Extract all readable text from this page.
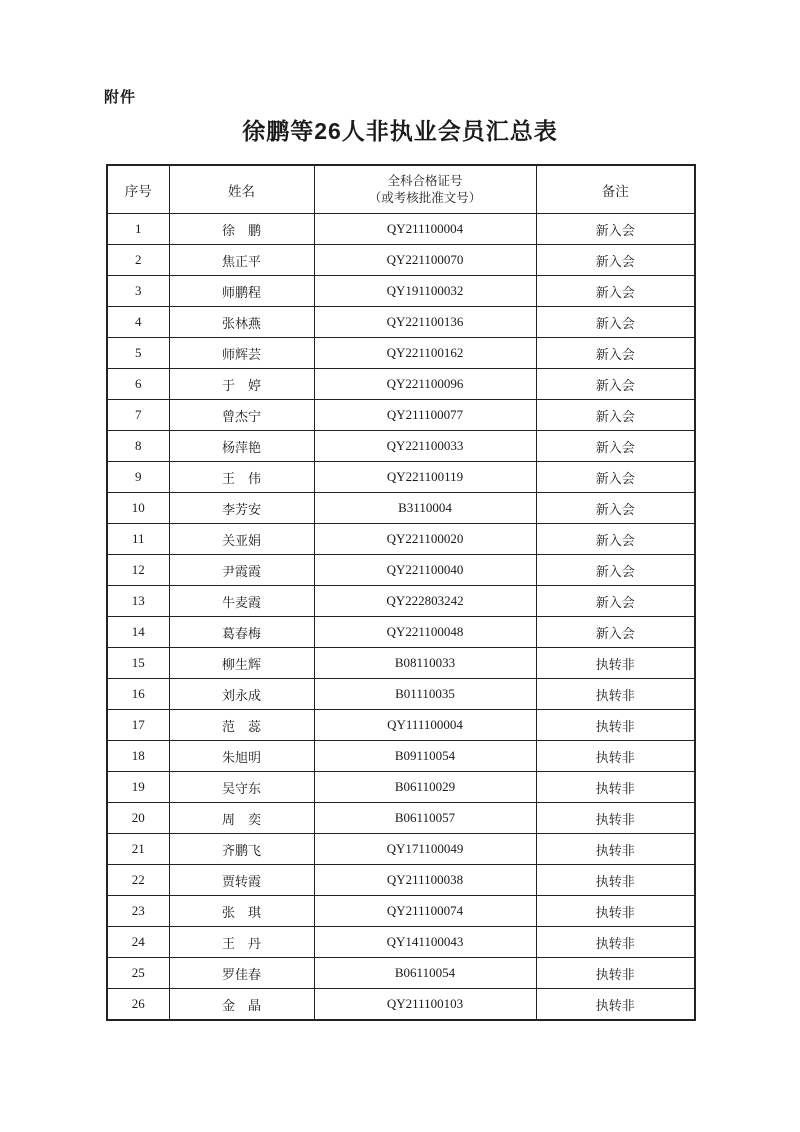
附件
徐鹏等26人非执业会员汇总表
序号	姓名	全科合格证号
（或考核批准文号）	备注
1	徐　鹏	QY211100004	新入会
2	焦正平	QY221100070	新入会
3	师鹏程	QY191100032	新入会
4	张林燕	QY221100136	新入会
5	师辉芸	QY221100162	新入会
6	于　婷	QY221100096	新入会
7	曾杰宁	QY211100077	新入会
8	杨萍艳	QY221100033	新入会
9	王　伟	QY221100119	新入会
10	李芳安	B3110004	新入会
11	关亚娟	QY221100020	新入会
12	尹霞霞	QY221100040	新入会
13	牛麦霞	QY222803242	新入会
14	葛春梅	QY221100048	新入会
15	柳生辉	B08110033	执转非
16	刘永成	B01110035	执转非
17	范　蕊	QY111100004	执转非
18	朱旭明	B09110054	执转非
19	吴守东	B06110029	执转非
20	周　奕	B06110057	执转非
21	齐鹏飞	QY171100049	执转非
22	贾转霞	QY211100038	执转非
23	张　琪	QY211100074	执转非
24	王　丹	QY141100043	执转非
25	罗佳春	B06110054	执转非
26	金　晶	QY211100103	执转非
